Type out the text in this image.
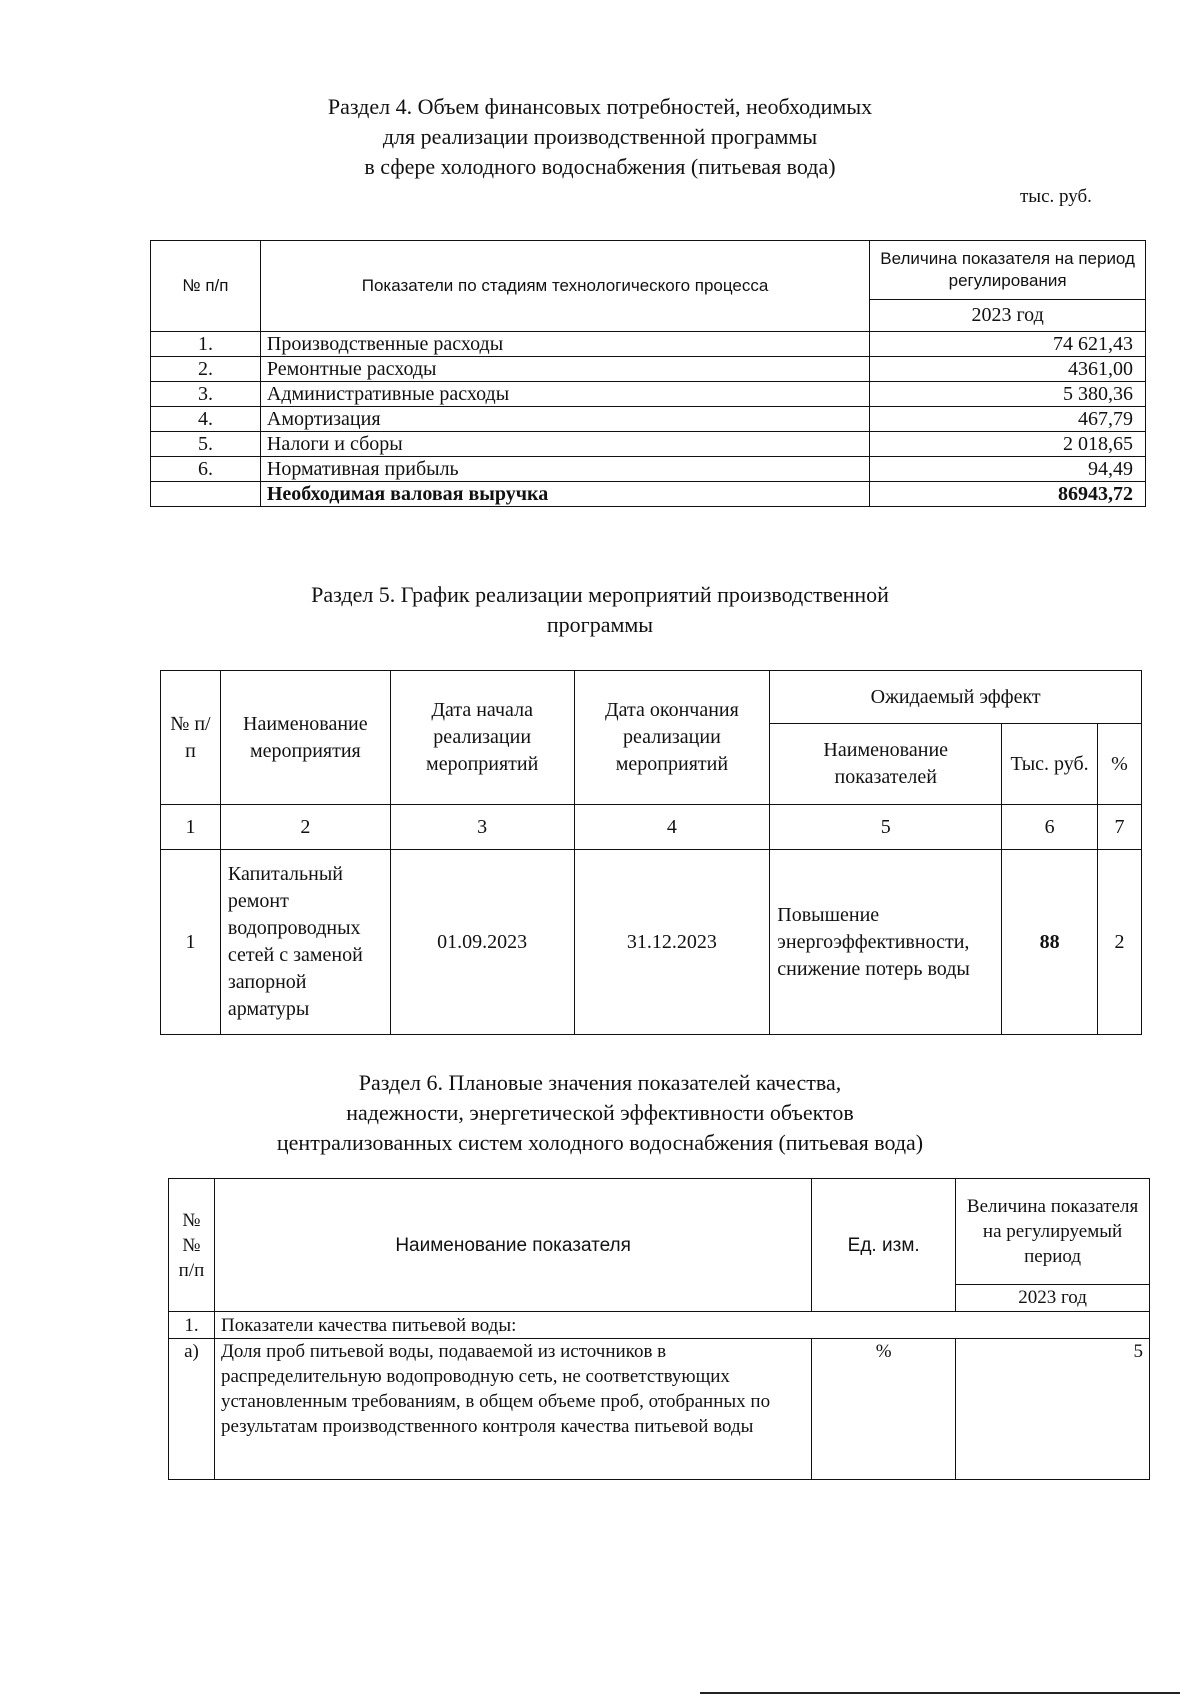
Раздел 4. Объем финансовых потребностей, необходимых
для реализации производственной программы
в сфере холодного водоснабжения (питьевая вода)
тыс. руб.
№ п/п	Показатели по стадиям технологического процесса	Величина показателя на период регулирования
		2023 год
1.	Производственные расходы	74 621,43
2.	Ремонтные расходы	4361,00
3.	Административные расходы	5 380,36
4.	Амортизация	467,79
5.	Налоги и сборы	2 018,65
6.	Нормативная прибыль	94,49
	Необходимая валовая выручка	86943,72
Раздел 5. График реализации мероприятий производственной
программы
№ п/п	Наименование мероприятия	Дата начала реализации мероприятий	Дата окончания реализации мероприятий	Ожидаемый эффект		
				Наименование показателей	Тыс. руб.	%
1	2	3	4	5	6	7
1	Капитальный ремонт водопроводных сетей с заменой запорной арматуры	01.09.2023	31.12.2023	Повышение энергоэффективности, снижение потерь воды	88	2
Раздел 6. Плановые значения показателей качества,
надежности, энергетической эффективности объектов
централизованных систем холодного водоснабжения (питьевая вода)
№№ п/п	Наименование показателя	Ед. изм.	Величина показателя на регулируемый период
			2023 год
1.	Показатели качества питьевой воды:		
а)	Доля проб питьевой воды, подаваемой из источников в распределительную водопроводную сеть, не соответствующих установленным требованиям, в общем объеме проб, отобранных по результатам производственного контроля качества питьевой воды	%	5
